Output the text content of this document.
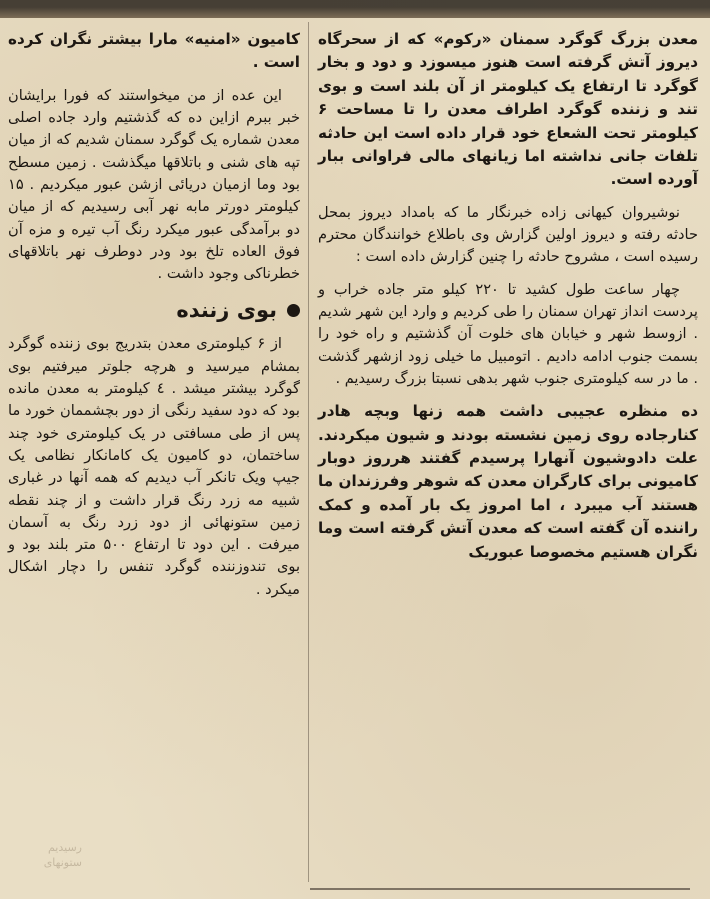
معدن بزرگ گوگرد سمنان «رکوم» که از سحرگاه دیروز آتش گرفته است هنوز میسوزد و دود و بخار گوگرد تا ارتفاع یک کیلومتر از آن بلند است و بوی تند و زننده گوگرد اطراف معدن را تا مساحت ۶ کیلومتر تحت الشعاع خود قرار داده است این حادثه تلفات جانی نداشته اما زیانهای مالی فراوانی ببار آورده است.

نوشیروان کیهانی زاده خبرنگار ما که بامداد دیروز بمحل حادثه رفته و دیروز اولین گزارش وی باطلاع خوانندگان محترم رسیده است ، مشروح حادثه را چنین گزارش داده است :

چهار ساعت طول کشید تا ۲۲۰ کیلو متر جاده خراب و پردست انداز تهران سمنان را طی کردیم و وارد این شهر شدیم . ازوسط شهر و خیابان های خلوت آن گذشتیم و راه خود را بسمت جنوب ادامه دادیم . اتومبیل ما خیلی زود ازشهر گذشت . ما در سه کیلومتری جنوب شهر بدهی نسبتا بزرگ رسیدیم .

ده منظره عجیبی داشت همه زنها وبچه هادر کنارجاده روی زمین نشسته بودند و شیون میکردند. علت دادوشیون آنهارا پرسیدم گفتند هرروز دوبار کامیونی برای کارگران معدن که شوهر وفرزندان ما هستند آب میبرد ، اما امروز یک بار آمده و کمک راننده آن گفته است که معدن آتش گرفته است وما نگران هستیم مخصوصا عبوریک

کامیون «امنیه» مارا بیشتر نگران کرده است .

این عده از من میخواستند که فورا برایشان خبر ببرم ازاین ده که گذشتیم وارد جاده اصلی معدن شماره یک گوگرد سمنان شدیم که از میان تپه های شنی و باتلاقها میگذشت . زمین مسطح بود وما ازمیان دریائی ازشن عبور میکردیم . ۱۵ کیلومتر دورتر مابه نهر آبی رسیدیم که از میان دو برآمدگی عبور میکرد رنگ آب تیره و مزه آن فوق العاده تلخ بود ودر دوطرف نهر باتلاقهای خطرناکی وجود داشت .

بوی زننده

از ۶ کیلومتری معدن بتدریج بوی زننده گوگرد بمشام میرسید و هرچه جلوتر میرفتیم بوی گوگرد بیشتر میشد . ٤ کیلومتر به معدن مانده بود که دود سفید رنگی از دور بچشممان خورد ما پس از طی مسافتی در یک کیلومتری خود چند ساختمان، دو کامیون یک کامانکار نظامی یک جیپ ویک تانکر آب دیدیم که همه آنها در غباری شبیه مه زرد رنگ قرار داشت و از چند نقطه زمین ستونهائی از دود زرد رنگ به آسمان میرفت . این دود تا ارتفاع ۵۰۰ متر بلند بود و بوی تندوزننده گوگرد تنفس را دچار اشکال میکرد .

رسیدیم ستونهای
